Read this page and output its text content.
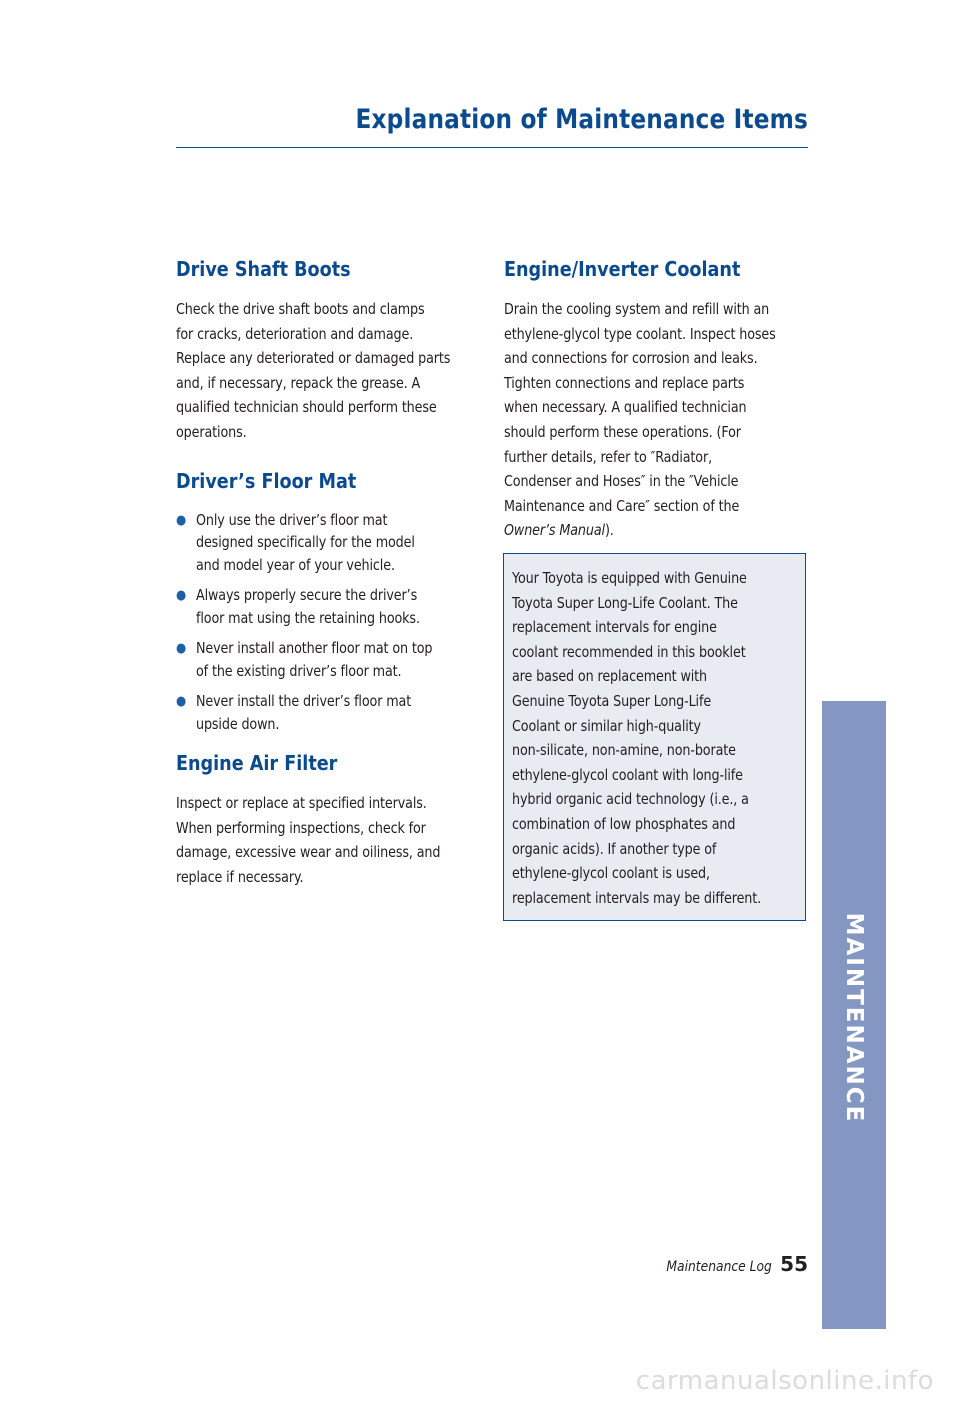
Explanation of Maintenance Items
Drive Shaft Boots

Check the drive shaft boots and clamps
for cracks, deterioration and damage.
Replace any deteriorated or damaged parts
and, if necessary, repack the grease. A
qualified technician should perform these
operations.

Driver’s Floor Mat
● Only use the driver’s floor mat
designed specifically for the model
and model year of your vehicle.
● Always properly secure the driver’s
floor mat using the retaining hooks.
● Never install another floor mat on top
of the existing driver’s floor mat.
● Never install the driver’s floor mat
upside down.
Engine Air Filter

Inspect or replace at specified intervals.
When performing inspections, check for
damage, excessive wear and oiliness, and
replace if necessary.

Engine/Inverter Coolant

Drain the cooling system and refill with an
ethylene-glycol type coolant. Inspect hoses
and connections for corrosion and leaks.
Tighten connections and replace parts
when necessary. A qualified technician
should perform these operations. (For
further details, refer to ″Radiator,
Condenser and Hoses″ in the ″Vehicle
Maintenance and Care″ section of the
Owner’s Manual).

Your Toyota is equipped with Genuine
Toyota Super Long-Life Coolant. The
replacement intervals for engine
coolant recommended in this booklet
are based on replacement with
Genuine Toyota Super Long-Life
Coolant or similar high-quality
non-silicate, non-amine, non-borate
ethylene-glycol coolant with long-life
hybrid organic acid technology (i.e., a
combination of low phosphates and
organic acids). If another type of
ethylene-glycol coolant is used,
replacement intervals may be different.

MAINTENANCE
Maintenance Log 55
carmanualsonline.info
